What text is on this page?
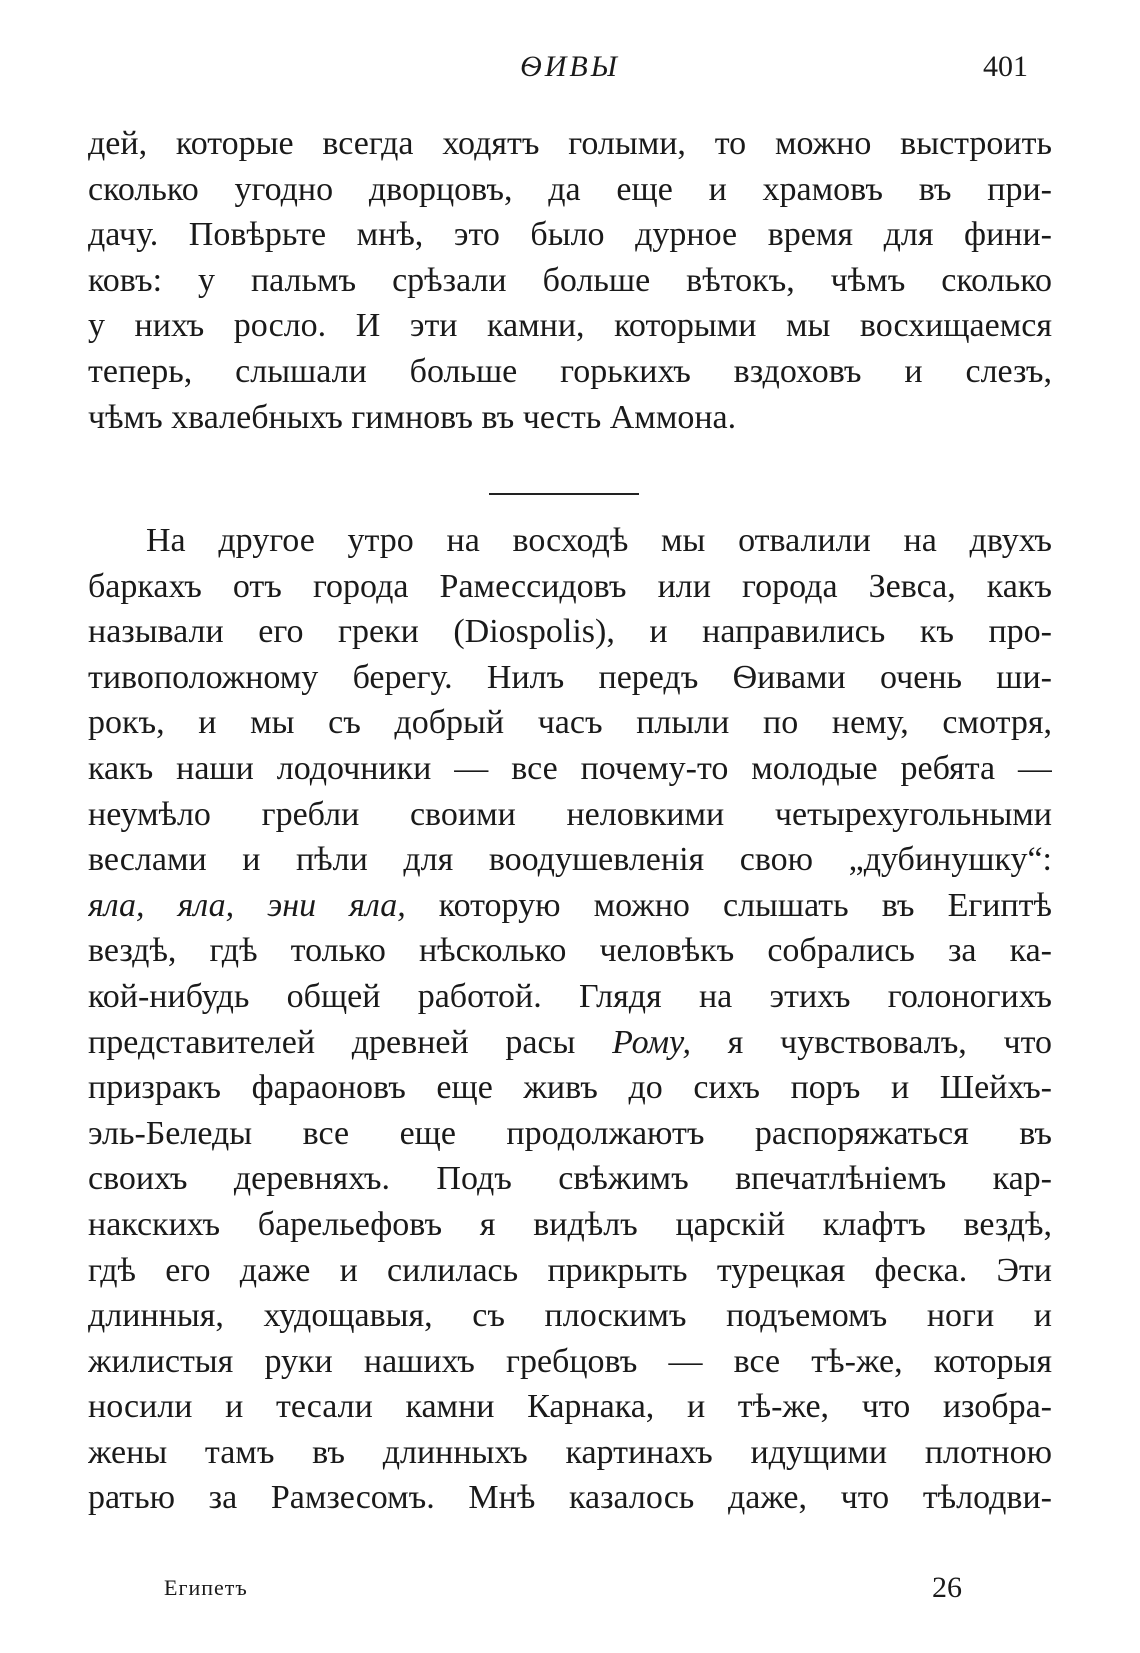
ѲИВЫ	401
дей, которые всегда ходятъ голыми, то можно выстроить
сколько угодно дворцовъ, да еще и храмовъ въ при-
дачу. Повѣрьте мнѣ, это было дурное время для фини-
ковъ: у пальмъ срѣзали больше вѣтокъ, чѣмъ сколько
у нихъ росло. И эти камни, которыми мы восхищаемся
теперь, слышали больше горькихъ вздоховъ и слезъ,
чѣмъ хвалебныхъ гимновъ въ честь Аммона.
На другое утро на восходѣ мы отвалили на двухъ
баркахъ отъ города Рамессидовъ или города Зевса, какъ
называли его греки (Diospolis), и направились къ про-
тивоположному берегу. Нилъ передъ Ѳивами очень ши-
рокъ, и мы съ добрый часъ плыли по нему, смотря,
какъ наши лодочники — все почему-то молодые ребята —
неумѣло гребли своими неловкими четырехугольными
веслами и пѣли для воодушевленія свою „дубинушку“:
яла, яла, эни яла, которую можно слышать въ Египтѣ
вездѣ, гдѣ только нѣсколько человѣкъ собрались за ка-
кой-нибудь общей работой. Глядя на этихъ голоногихъ
представителей древней расы Рому, я чувствовалъ, что
призракъ фараоновъ еще живъ до сихъ поръ и Шейхъ-
эль-Беледы все еще продолжаютъ распоряжаться въ
своихъ деревняхъ. Подъ свѣжимъ впечатлѣніемъ кар-
накскихъ барельефовъ я видѣлъ царскій клафтъ вездѣ,
гдѣ его даже и силилась прикрыть турецкая феска. Эти
длинныя, худощавыя, съ плоскимъ подъемомъ ноги и
жилистыя руки нашихъ гребцовъ — все тѣ-же, которыя
носили и тесали камни Карнака, и тѣ-же, что изобра-
жены тамъ въ длинныхъ картинахъ идущими плотною
ратью за Рамзесомъ. Мнѣ казалось даже, что тѣлодви-
Египетъ	26
